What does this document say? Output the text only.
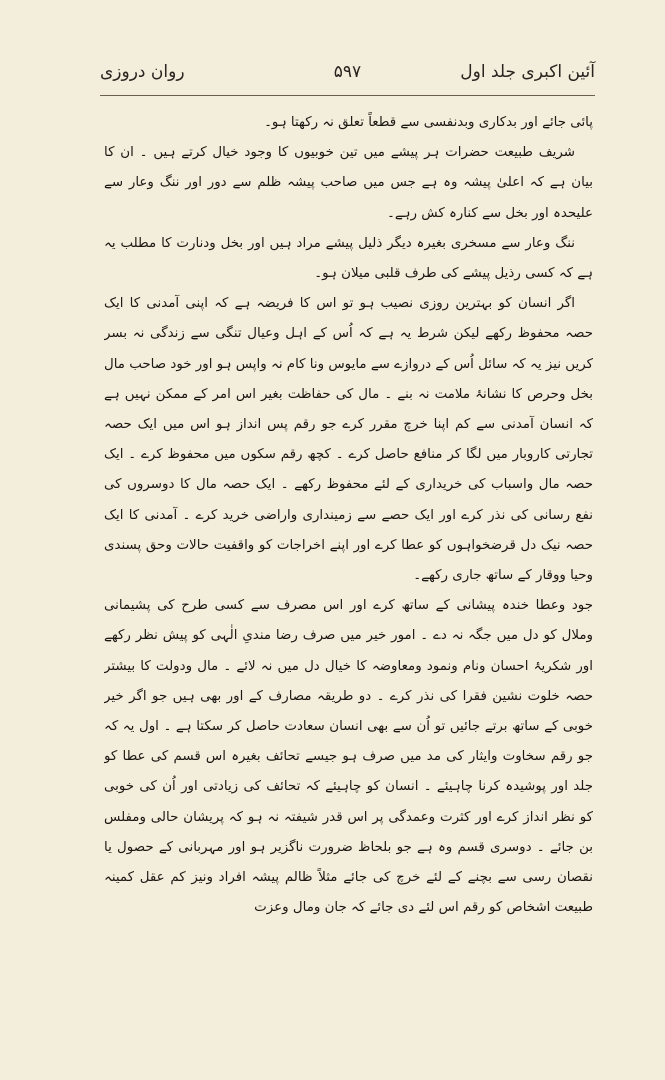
آئین اکبری جلد اول
۵۹۷
روان دروزی

پائی جائے اور بدکاری وبدنفسی سے قطعاً تعلق نہ رکھتا ہو۔

شریف طبیعت حضرات ہر پیشے میں تین خوبیوں کا وجود خیال کرتے ہیں ۔ ان کا بیان ہے کہ اعلیٰ پیشہ وہ ہے جس میں صاحب پیشہ ظلم سے دور اور ننگ وعار سے علیحدہ اور بخل سے کنارہ کش رہے۔

ننگ وعار سے مسخری بغیرہ دیگر ذلیل پیشے مراد ہیں اور بخل ودنارت کا مطلب یہ ہے کہ کسی رذیل پیشے کی طرف قلبی میلان ہو۔

اگر انسان کو بہترین روزی نصیب ہو تو اس کا فریضہ ہے کہ اپنی آمدنی کا ایک حصہ محفوظ رکھے لیکن شرط یہ ہے کہ اُس کے اہل وعیال تنگی سے زندگی نہ بسر کریں نیز یہ کہ سائل اُس کے دروازے سے مایوس ونا کام نہ واپس ہو اور خود صاحب مال بخل وحرص کا نشانۂ ملامت نہ بنے ۔ مال کی حفاظت بغیر اس امر کے ممکن نہیں ہے کہ انسان آمدنی سے کم اپنا خرچ مقرر کرے جو رقم پس انداز ہو اس میں ایک حصہ تجارتی کاروبار میں لگا کر منافع حاصل کرے ۔ کچھ رقم سکوں میں محفوظ کرے ۔ ایک حصہ مال واسباب کی خریداری کے لئے محفوظ رکھے ۔ ایک حصہ مال کا دوسروں کی نفع رسانی کی نذر کرے اور ایک حصے سے زمینداری واراضی خرید کرے ۔ آمدنی کا ایک حصہ نیک دل قرضخواہوں کو عطا کرے اور اپنے اخراجات کو واقفیت حالات وحق پسندی وحیا ووقار کے ساتھ جاری رکھے۔

جود وعطا خندہ پیشانی کے ساتھ کرے اور اس مصرف سے کسی طرح کی پشیمانی وملال کو دل میں جگہ نہ دے ۔ امور خیر میں صرف رضا مندیِ الٰہی کو پیش نظر رکھے اور شکریۂ احسان ونام ونمود ومعاوضہ کا خیال دل میں نہ لائے ۔ مال ودولت کا بیشتر حصہ خلوت نشین فقرا کی نذر کرے ۔ دو طریقہ مصارف کے اور بھی ہیں جو اگر خیر خوبی کے ساتھ برتے جائیں تو اُن سے بھی انسان سعادت حاصل کر سکتا ہے ۔ اول یہ کہ جو رقم سخاوت وایثار کی مد میں صرف ہو جیسے تحائف بغیرہ اس قسم کی عطا کو جلد اور پوشیدہ کرنا چاہیئے ۔ انسان کو چاہیئے کہ تحائف کی زیادتی اور اُن کی خوبی کو نظر انداز کرے اور کثرت وعمدگی پر اس قدر شیفتہ نہ ہو کہ پریشان حالی ومفلس بن جائے ۔ دوسری قسم وہ ہے جو بلحاظ ضرورت ناگزیر ہو اور مہربانی کے حصول یا نقصان رسی سے بچنے کے لئے خرچ کی جائے مثلاً ظالم پیشہ افراد ونیز کم عقل کمینہ طبیعت اشخاص کو رقم اس لئے دی جائے کہ جان ومال وعزت
